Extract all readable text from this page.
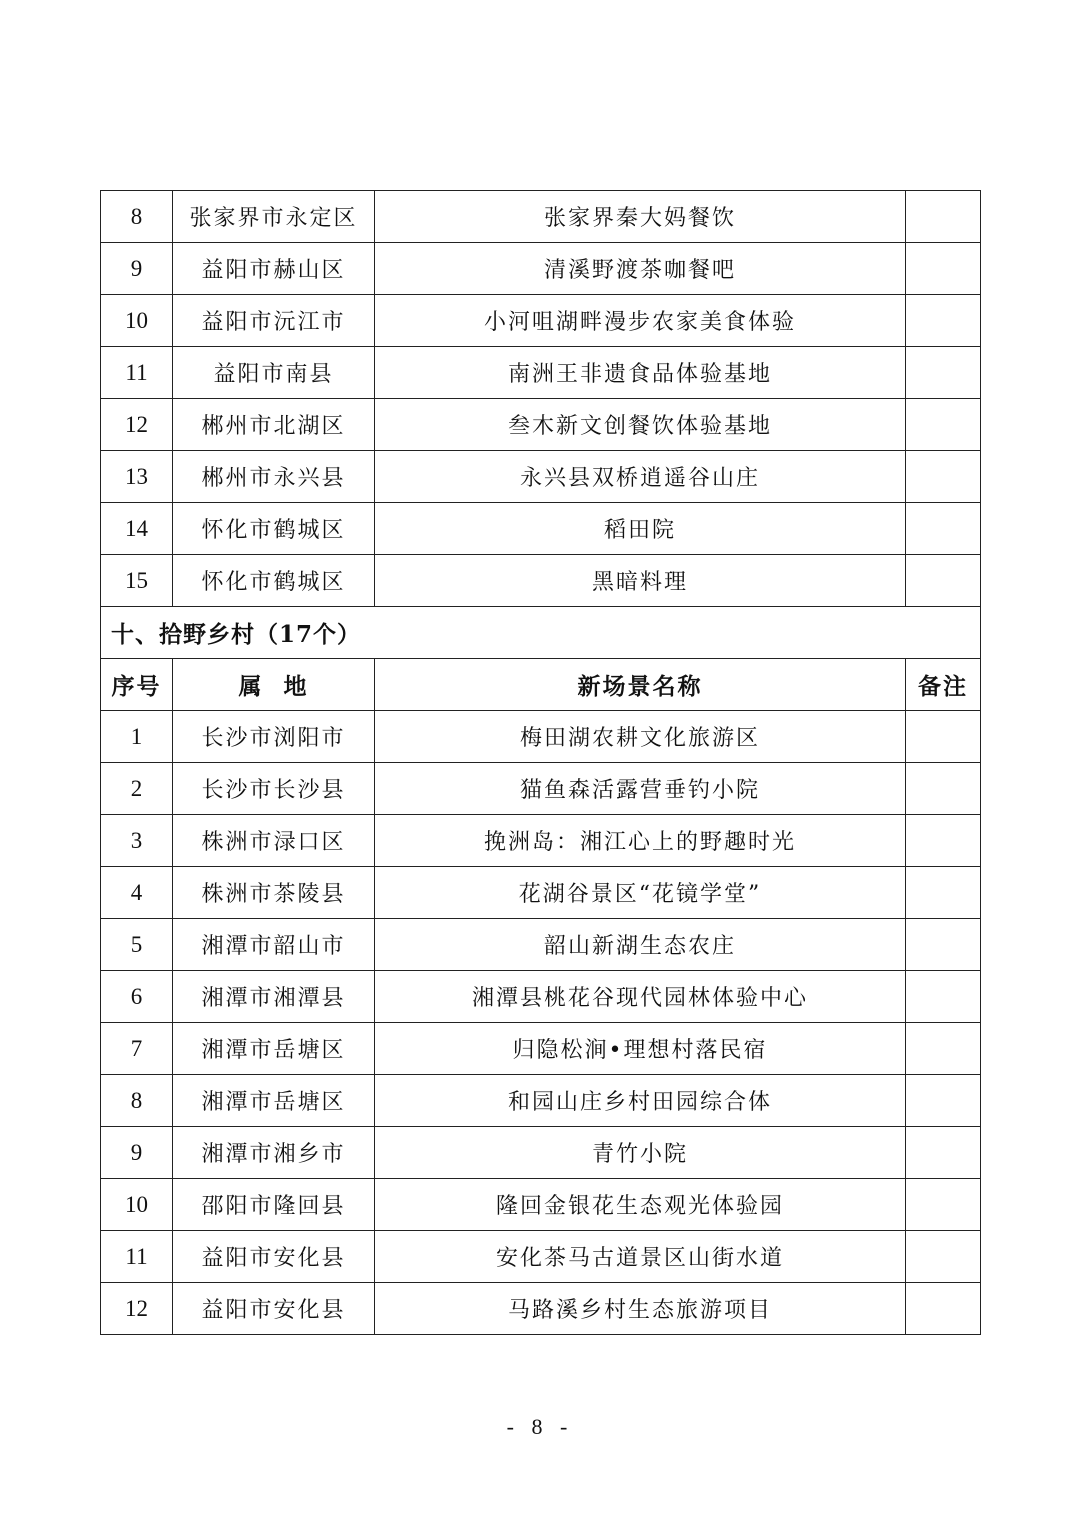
8	张家界市永定区	张家界秦大妈餐饮	
9	益阳市赫山区	清溪野渡茶咖餐吧	
10	益阳市沅江市	小河咀湖畔漫步农家美食体验	
11	益阳市南县	南洲王非遗食品体验基地	
12	郴州市北湖区	叁木新文创餐饮体验基地	
13	郴州市永兴县	永兴县双桥逍遥谷山庄	
14	怀化市鹤城区	稻田院	
15	怀化市鹤城区	黑暗料理	
十、拾野乡村（17个）			
序号	属  地	新场景名称	备注
1	长沙市浏阳市	梅田湖农耕文化旅游区	
2	长沙市长沙县	猫鱼森活露营垂钓小院	
3	株洲市渌口区	挽洲岛：湘江心上的野趣时光	
4	株洲市茶陵县	花湖谷景区“花镜学堂”	
5	湘潭市韶山市	韶山新湖生态农庄	
6	湘潭市湘潭县	湘潭县桃花谷现代园林体验中心	
7	湘潭市岳塘区	归隐松涧•理想村落民宿	
8	湘潭市岳塘区	和园山庄乡村田园综合体	
9	湘潭市湘乡市	青竹小院	
10	邵阳市隆回县	隆回金银花生态观光体验园	
11	益阳市安化县	安化茶马古道景区山街水道	
12	益阳市安化县	马路溪乡村生态旅游项目	
- 8 -
